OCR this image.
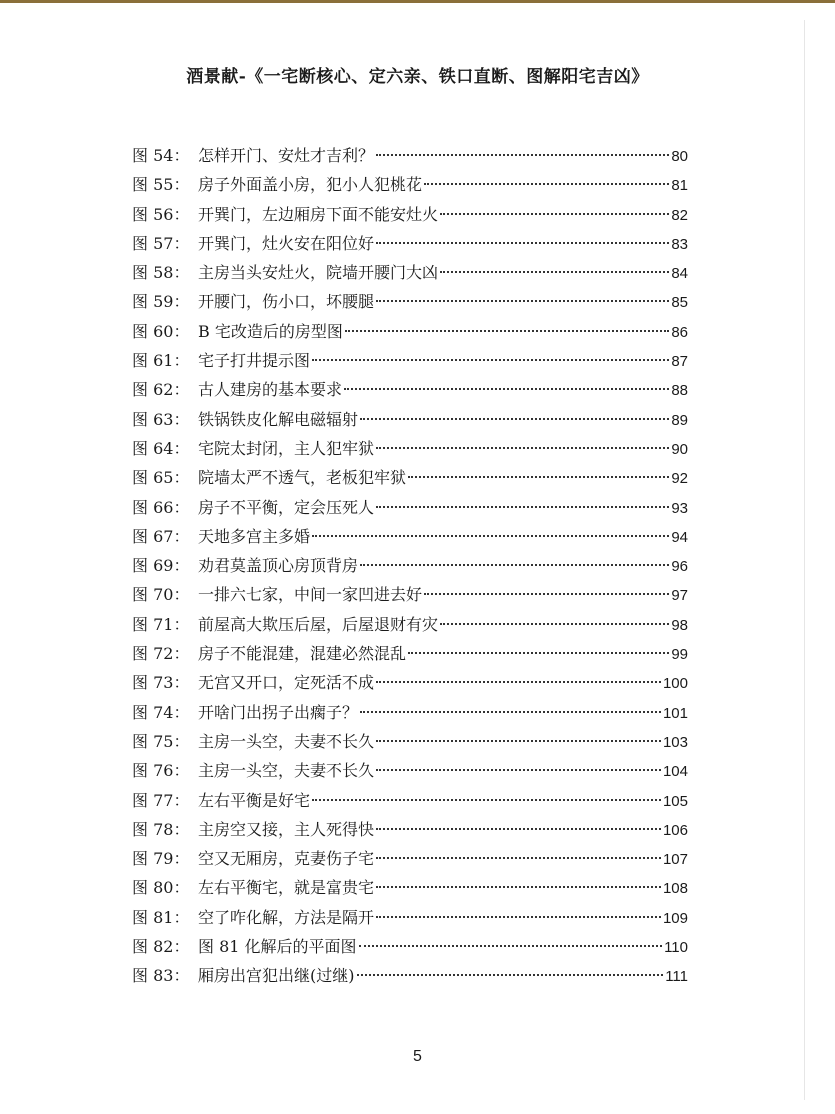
酒景献-《一宅断核心、定六亲、铁口直断、图解阳宅吉凶》
图 54： 怎样开门、安灶才吉利？	80
图 55： 房子外面盖小房，犯小人犯桃花	81
图 56： 开巽门，左边厢房下面不能安灶火	82
图 57： 开巽门，灶火安在阳位好	83
图 58： 主房当头安灶火，院墙开腰门大凶	84
图 59： 开腰门，伤小口，坏腰腿	85
图 60： B 宅改造后的房型图	86
图 61： 宅子打井提示图	87
图 62： 古人建房的基本要求	88
图 63： 铁锅铁皮化解电磁辐射	89
图 64： 宅院太封闭，主人犯牢狱	90
图 65： 院墙太严不透气，老板犯牢狱	92
图 66： 房子不平衡，定会压死人	93
图 67： 天地多宫主多婚	94
图 69： 劝君莫盖顶心房顶背房	96
图 70： 一排六七家，中间一家凹进去好	97
图 71： 前屋高大欺压后屋，后屋退财有灾	98
图 72： 房子不能混建，混建必然混乱	99
图 73： 无宫又开口，定死活不成	100
图 74： 开啥门出拐子出瘸子？	101
图 75： 主房一头空，夫妻不长久	103
图 76： 主房一头空，夫妻不长久	104
图 77： 左右平衡是好宅	105
图 78： 主房空又接，主人死得快	106
图 79： 空又无厢房，克妻伤子宅	107
图 80： 左右平衡宅，就是富贵宅	108
图 81： 空了咋化解，方法是隔开	109
图 82： 图 81 化解后的平面图	110
图 83： 厢房出宫犯出继(过继)	111
5
